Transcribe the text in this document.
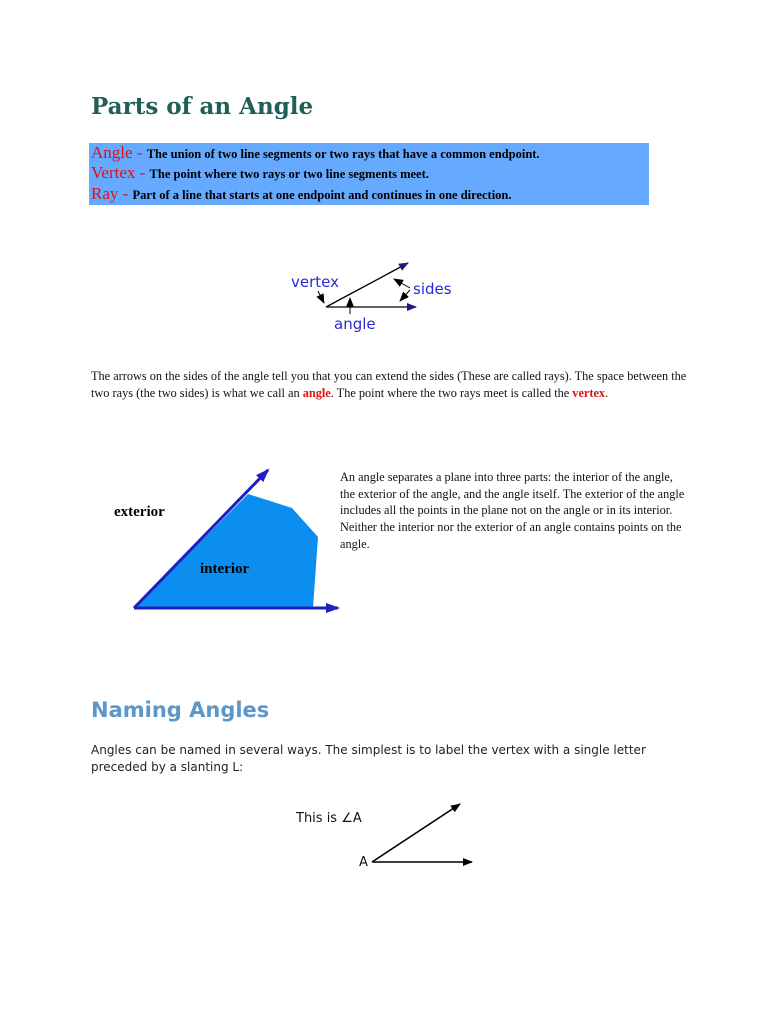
Parts of an Angle
Angle - The union of two line segments or two rays that have a common endpoint.
Vertex - The point where two rays or two line segments meet.
Ray - Part of a line that starts at one endpoint and continues in one direction.
vertex	sides
angle
exterior
interior
This is ∠A
A
The arrows on the sides of the angle tell you that you can extend the sides (These are called rays). The space between the two rays (the two sides) is what we call an angle. The point where the two rays meet is called the vertex.
An angle separates a plane into three parts: the interior of the angle, the exterior of the angle, and the angle itself. The exterior of the angle includes all the points in the plane not on the angle or in its interior. Neither the interior nor the exterior of an angle contains points on the angle.
Naming Angles
Angles can be named in several ways. The simplest is to label the vertex with a single letter preceded by a slanting L:
